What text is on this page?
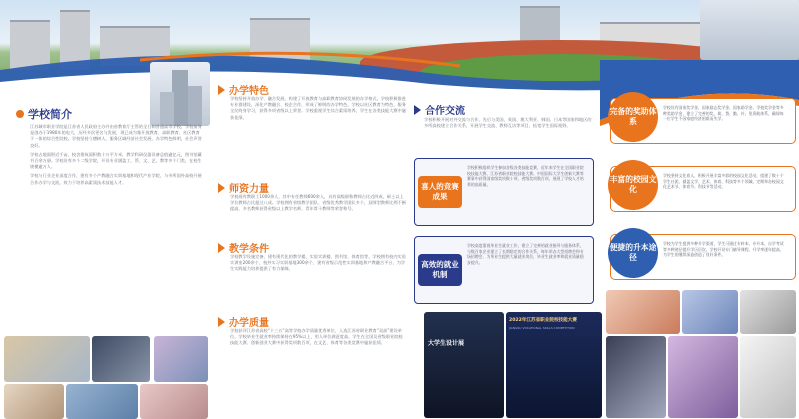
学校简介

江苏城市职业学院是江苏省人民政府主办并由省教育厅主管的全日制普通高等学校。学校前身是创办于1980年的电大，历经多次更名与发展，现已成为集开放教育、高职教育、社区教育于一体的综合性院校。学校坚持立德树人，服务区域经济社会发展，办学特色鲜明，社会声誉良好。

学校占地面积近千亩，校舍建筑面积数十万平方米，教学科研仪器设备总值逾亿元，图书馆藏书百余万册。学校设有多个二级学院，开设专业涵盖工、管、文、艺、教等多个门类，在校生规模逾万人。

学校与行业企业深度合作，建有多个产教融合实训基地和现代产业学院，与多所国外高校开展合作办学与交流，致力于培养高素质技术技能人才。

办学特色
学校坚持开放办学、融合发展，构建了开放教育与高职教育协同发展的办学格式。学校积极推进专业群建设，深化产教融合、校企合作，形成了鲜明的办学特色。学校以社区教育为特色，服务全民终身学习，获得多项省级以上荣誉。学校重视学生综合素质培养，学生在各类技能大赛中屡获佳绩。
师资力量
学校现有教职工1000余人，其中专任教师600余人，具有高级职称教师占比近四成，硕士以上学位教师占比超过八成。学校拥有省级教学团队、省级优秀教学团队多个，双师型教师比例不断提高，多名教师获得省级以上教学名师、青年骨干教师等荣誉称号。
教学条件
学校教学设施完备，建有现代化的教学楼、实验实训楼、图书馆、体育馆等。学校拥有校内实验实训室200余个，校外实习实训基地300余个，建有省级示范性实训基地和产教融合平台，为学生实践能力培养提供了有力保障。
办学质量
学校获评江苏省高校“十三五”高等学校办学质量优秀单位，入选江苏省职业教育“双高”建设单位。学校毕业生就业率持续保持在95%以上，用人单位满意度高。学生在全国及省级职业院校技能大赛、创新创业大赛中获得奖项数百项，在文艺、体育等各类竞赛中屡获佳绩。
合作交流
学校积极开展对外交流与合作，先后与美国、英国、澳大利亚、韩国、日本等国家和地区的多所高校建立合作关系，开展学生交流、教师互访等项目，拓宽学生国际视野。
学校积极组织学生参加各级各类技能竞赛，近年来学生在全国职业院校技能大赛、江苏省职业院校技能大赛、中国国际大学生创新大赛等赛事中获得国家级奖项数十项、省级奖项数百项，展现了学校人才培养的高质量。
喜人的竞赛成果
学校高度重视毕业生就业工作，建立了完善的就业指导与服务体系，与数百家企业建立了长期稳定的合作关系，每年举办大型招聘会和专场招聘会，为毕业生提供大量就业岗位，毕业生就业率和就业质量稳步提升。
高效的就业机制
大学生设计展
2022年江苏省职业院校技能大赛
JIANGSU VOCATIONAL SKILLS COMPETITION
学校设有国家奖学金、国家励志奖学金、国家助学金、学校奖学金等多种奖助学金，建立了完善的奖、助、贷、勤、补、免资助体系，确保每一位学生不因家庭经济困难而失学。
完备的奖助体系
学校坚持文化育人，积极开展丰富多彩的校园文化活动，组建了数十个学生社团，涵盖文学、艺术、体育、科技等多个领域，定期举办校园文化艺术节、体育节、科技节等活动。
丰富的校园文化
学校为学生提供多种升学渠道，学生可通过专转本、专升本、自学考试等多种途径提升学历层次，学校开设专门辅导课程，升学率逐年提高，为学生的继续深造创造了良好条件。
便捷的升本途径
